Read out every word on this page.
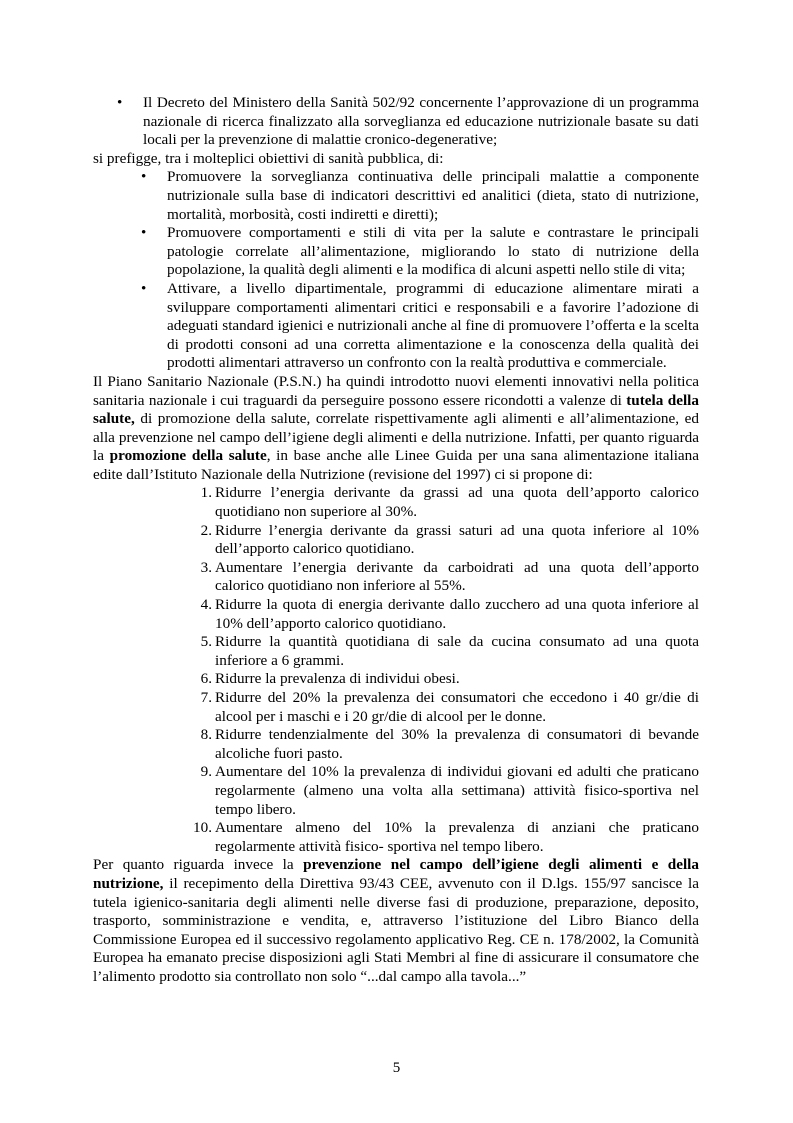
• Il Decreto del Ministero della Sanità 502/92 concernente l’approvazione di un programma nazionale di ricerca finalizzato alla sorveglianza ed educazione nutrizionale basate su dati locali per la prevenzione di malattie cronico-degenerative;

si prefigge, tra i molteplici obiettivi di sanità pubblica, di:

• Promuovere la sorveglianza continuativa delle principali malattie a componente nutrizionale sulla base di indicatori descrittivi ed analitici (dieta, stato di nutrizione, mortalità, morbosità, costi indiretti e diretti);
• Promuovere comportamenti e stili di vita per la salute e contrastare le principali patologie correlate all’alimentazione, migliorando lo stato di nutrizione della popolazione, la qualità degli alimenti e la modifica di alcuni aspetti nello stile di vita;
• Attivare, a livello dipartimentale, programmi di educazione alimentare mirati a sviluppare comportamenti alimentari critici e responsabili e a favorire l’adozione di adeguati standard igienici e nutrizionali anche al fine di promuovere l’offerta e la scelta di prodotti consoni ad una corretta alimentazione e la conoscenza della qualità dei prodotti alimentari attraverso un confronto con la realtà produttiva e commerciale.

Il Piano Sanitario Nazionale (P.S.N.) ha quindi introdotto nuovi elementi innovativi nella politica sanitaria nazionale i cui traguardi da perseguire possono essere ricondotti a valenze di tutela della salute, di promozione della salute, correlate rispettivamente agli alimenti e all’alimentazione, ed alla prevenzione nel campo dell’igiene degli alimenti e della nutrizione. Infatti, per quanto riguarda la promozione della salute, in base anche alle Linee Guida per una sana alimentazione italiana edite dall’Istituto Nazionale della Nutrizione (revisione del 1997) ci si propone di:

1. Ridurre l’energia derivante da grassi ad una quota dell’apporto calorico quotidiano non superiore al 30%.
2. Ridurre l’energia derivante da grassi saturi ad una quota inferiore al 10% dell’apporto calorico quotidiano.
3. Aumentare l’energia derivante da carboidrati ad una quota dell’apporto calorico quotidiano non inferiore al 55%.
4. Ridurre la quota di energia derivante dallo zucchero ad una quota inferiore al 10% dell’apporto calorico quotidiano.
5. Ridurre la quantità quotidiana di sale da cucina consumato ad una quota inferiore a 6 grammi.
6. Ridurre la prevalenza di individui obesi.
7. Ridurre del 20% la prevalenza dei consumatori che eccedono i 40 gr/die di alcool per i maschi e i 20 gr/die di alcool per le donne.
8. Ridurre tendenzialmente del 30% la prevalenza di consumatori di bevande alcoliche fuori pasto.
9. Aumentare del 10% la prevalenza di individui giovani ed adulti che praticano regolarmente (almeno una volta alla settimana) attività fisico-sportiva nel tempo libero.
10. Aumentare almeno del 10% la prevalenza di anziani che praticano regolarmente attività fisico- sportiva nel tempo libero.

Per quanto riguarda invece la prevenzione nel campo dell’igiene degli alimenti e della nutrizione, il recepimento della Direttiva 93/43 CEE, avvenuto con il D.lgs. 155/97 sancisce la tutela igienico-sanitaria degli alimenti nelle diverse fasi di produzione, preparazione, deposito, trasporto, somministrazione e vendita, e, attraverso l’istituzione del Libro Bianco della Commissione Europea ed il successivo regolamento applicativo Reg. CE n. 178/2002, la Comunità Europea ha emanato precise disposizioni agli Stati Membri al fine di assicurare il consumatore che l’alimento prodotto sia controllato non solo “...dal campo alla tavola...”

5
